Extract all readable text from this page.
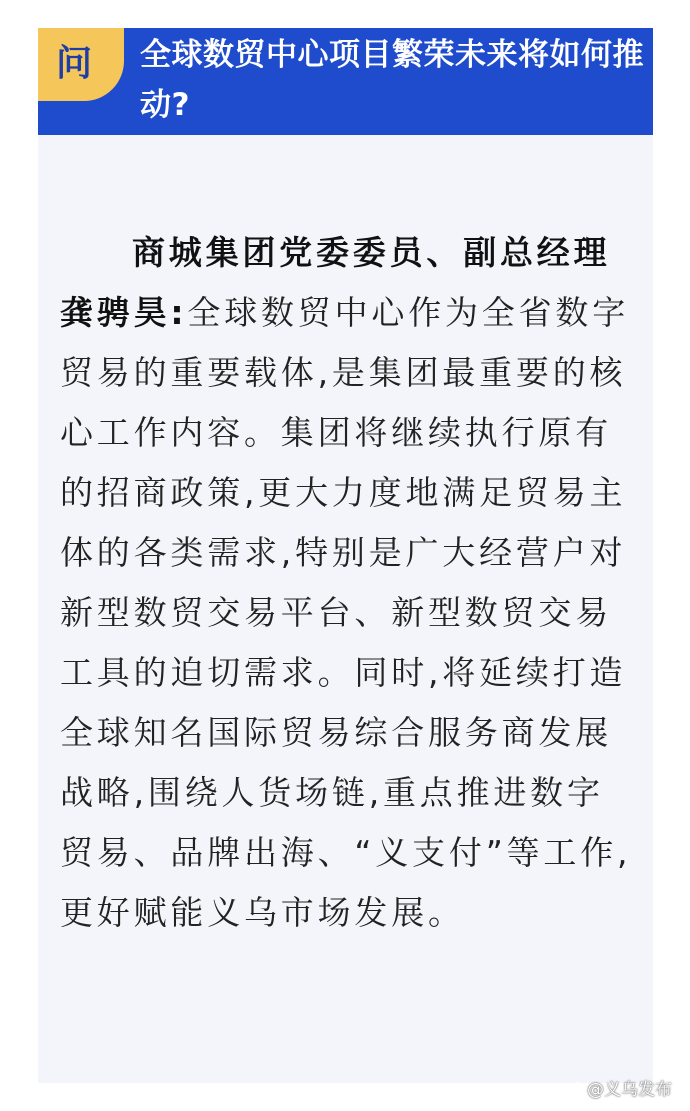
问 全球数贸中心项目繁荣未来将如何推动?

商城集团党委委员、副总经理龚骋昊:全球数贸中心作为全省数字贸易的重要载体,是集团最重要的核心工作内容。集团将继续执行原有的招商政策,更大力度地满足贸易主体的各类需求,特别是广大经营户对新型数贸交易平台、新型数贸交易工具的迫切需求。同时,将延续打造全球知名国际贸易综合服务商发展战略,围绕人货场链,重点推进数字贸易、品牌出海、“义支付”等工作,更好赋能义乌市场发展。

@义乌发布
